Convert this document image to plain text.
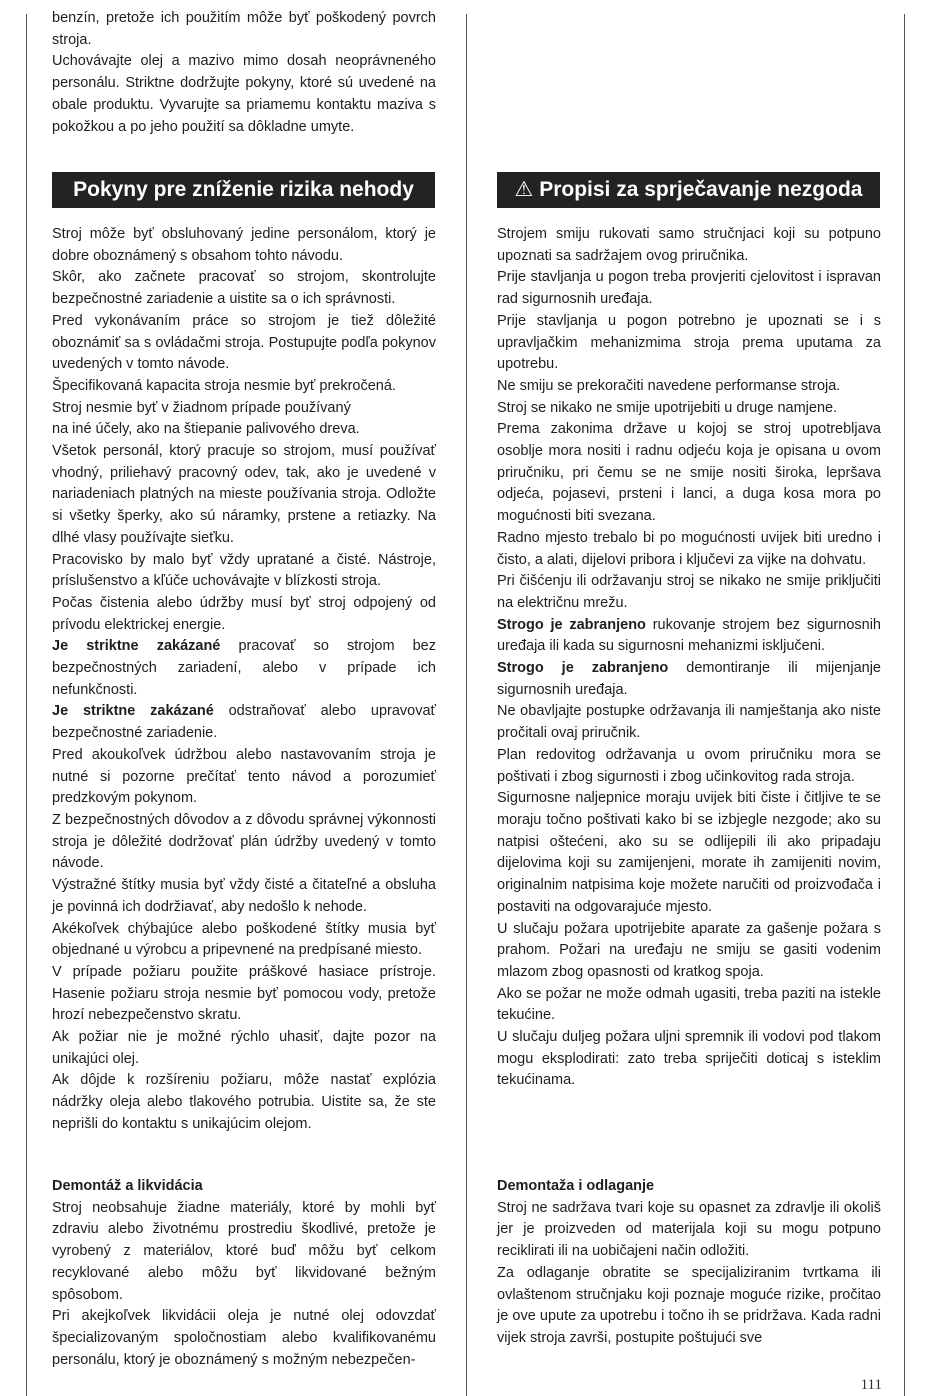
benzín, pretože ich použitím môže byť poškodený povrch stroja.

Uchovávajte olej a mazivo mimo dosah neoprávneného personálu. Striktne dodržujte pokyny, ktoré sú uvedené na obale produktu. Vyvarujte sa priamemu kontaktu maziva s pokožkou a po jeho použití sa dôkladne umyte.

Pokyny pre zníženie rizika nehody

Stroj môže byť obsluhovaný jedine personálom, ktorý je dobre oboznámený s obsahom tohto návodu.

Skôr, ako začnete pracovať so strojom, skontrolujte bezpečnostné zariadenie a uistite sa o ich správnosti.

Pred vykonávaním práce so strojom je tiež dôležité oboznámiť sa s ovládačmi stroja. Postupujte podľa pokynov uvedených v tomto návode.

Špecifikovaná kapacita stroja nesmie byť prekročená.

Stroj nesmie byť v žiadnom prípade používaný

na iné účely, ako na štiepanie palivového dreva.

Všetok personál, ktorý pracuje so strojom, musí používať vhodný, priliehavý pracovný odev, tak, ako je uvedené v nariadeniach platných na mieste používania stroja. Odložte si všetky šperky, ako sú náramky, prstene a retiazky. Na dlhé vlasy používajte sieťku.

Pracovisko by malo byť vždy upratané a čisté. Nástroje, príslušenstvo a kľúče uchovávajte v blízkosti stroja.

Počas čistenia alebo údržby musí byť stroj odpojený od prívodu elektrickej energie.

Je striktne zakázané pracovať so strojom bez bezpečnostných zariadení, alebo v prípade ich nefunkčnosti.

Je striktne zakázané odstraňovať alebo upravovať bezpečnostné zariadenie.

Pred akoukoľvek údržbou alebo nastavovaním stroja je nutné si pozorne prečítať tento návod a porozumieť predzkovým pokynom.

Z bezpečnostných dôvodov a z dôvodu správnej výkonnosti stroja je dôležité dodržovať plán údržby uvedený v tomto návode.

Výstražné štítky musia byť vždy čisté a čitateľné a obsluha je povinná ich dodržiavať, aby nedošlo k nehode.

Akékoľvek chýbajúce alebo poškodené štítky musia byť objednané u výrobcu a pripevnené na predpísané miesto.

V prípade požiaru použite práškové hasiace prístroje. Hasenie požiaru stroja nesmie byť pomocou vody, pretože hrozí nebezpečenstvo skratu.

Ak požiar nie je možné rýchlo uhasiť, dajte pozor na unikajúci olej.

Ak dôjde k rozšíreniu požiaru, môže nastať explózia nádržky oleja alebo tlakového potrubia. Uistite sa, že ste neprišli do kontaktu s unikajúcim olejom.

Demontáž a likvidácia

Stroj neobsahuje žiadne materiály, ktoré by mohli byť zdraviu alebo životnému prostrediu škodlivé, pretože je vyrobený z materiálov, ktoré buď môžu byť celkom recyklované alebo môžu byť likvidované bežným spôsobom.

Pri akejkoľvek likvidácii oleja je nutné olej odovzdať špecializovaným spoločnostiam alebo kvalifikovanému personálu, ktorý je oboznámený s možným nebezpečen-

⚠ Propisi za sprječavanje nezgoda

Strojem smiju rukovati samo stručnjaci koji su potpuno upoznati sa sadržajem ovog priručnika.

Prije stavljanja u pogon treba provjeriti cjelovitost i ispravan rad sigurnosnih uređaja.

Prije stavljanja u pogon potrebno je upoznati se i s upravljačkim mehanizmima stroja prema uputama za upotrebu.

Ne smiju se prekoračiti navedene performanse stroja.

Stroj se nikako ne smije upotrijebiti u druge namjene.

Prema zakonima države u kojoj se stroj upotrebljava osoblje mora nositi i radnu odjeću koja je opisana u ovom priručniku, pri čemu se ne smije nositi široka, lepršava odjeća, pojasevi, prsteni i lanci, a duga kosa mora po mogućnosti biti svezana.

Radno mjesto trebalo bi po mogućnosti uvijek biti uredno i čisto, a alati, dijelovi pribora i ključevi za vijke na dohvatu.

Pri čišćenju ili održavanju stroj se nikako ne smije priključiti na električnu mrežu.

Strogo je zabranjeno rukovanje strojem bez sigurnosnih uređaja ili kada su sigurnosni mehanizmi isključeni.

Strogo je zabranjeno demontiranje ili mijenjanje sigurnosnih uređaja.

Ne obavljajte postupke održavanja ili namještanja ako niste pročitali ovaj priručnik.

Plan redovitog održavanja u ovom priručniku mora se poštivati i zbog sigurnosti i zbog učinkovitog rada stroja.

Sigurnosne naljepnice moraju uvijek biti čiste i čitljive te se moraju točno poštivati kako bi se izbjegle nezgode; ako su natpisi oštećeni, ako su se odlijepili ili ako pripadaju dijelovima koji su zamijenjeni, morate ih zamijeniti novim, originalnim natpisima koje možete naručiti od proizvođača i postaviti na odgovarajuće mjesto.

U slučaju požara upotrijebite aparate za gašenje požara s prahom. Požari na uređaju ne smiju se gasiti vodenim mlazom zbog opasnosti od kratkog spoja.

Ako se požar ne može odmah ugasiti, treba paziti na istekle tekućine.

U slučaju duljeg požara uljni spremnik ili vodovi pod tlakom mogu eksplodirati: zato treba spriječiti doticaj s isteklim tekućinama.

Demontaža i odlaganje

Stroj ne sadržava tvari koje su opasnet za zdravlje ili okoliš jer je proizveden od materijala koji su mogu potpuno reciklirati ili na uobičajeni način odložiti.

Za odlaganje obratite se specijaliziranim tvrtkama ili ovlaštenom stručnjaku koji poznaje moguće rizike, pročitao je ove upute za upotrebu i točno ih se pridržava. Kada radni vijek stroja završi, postupite poštujući sve

111
